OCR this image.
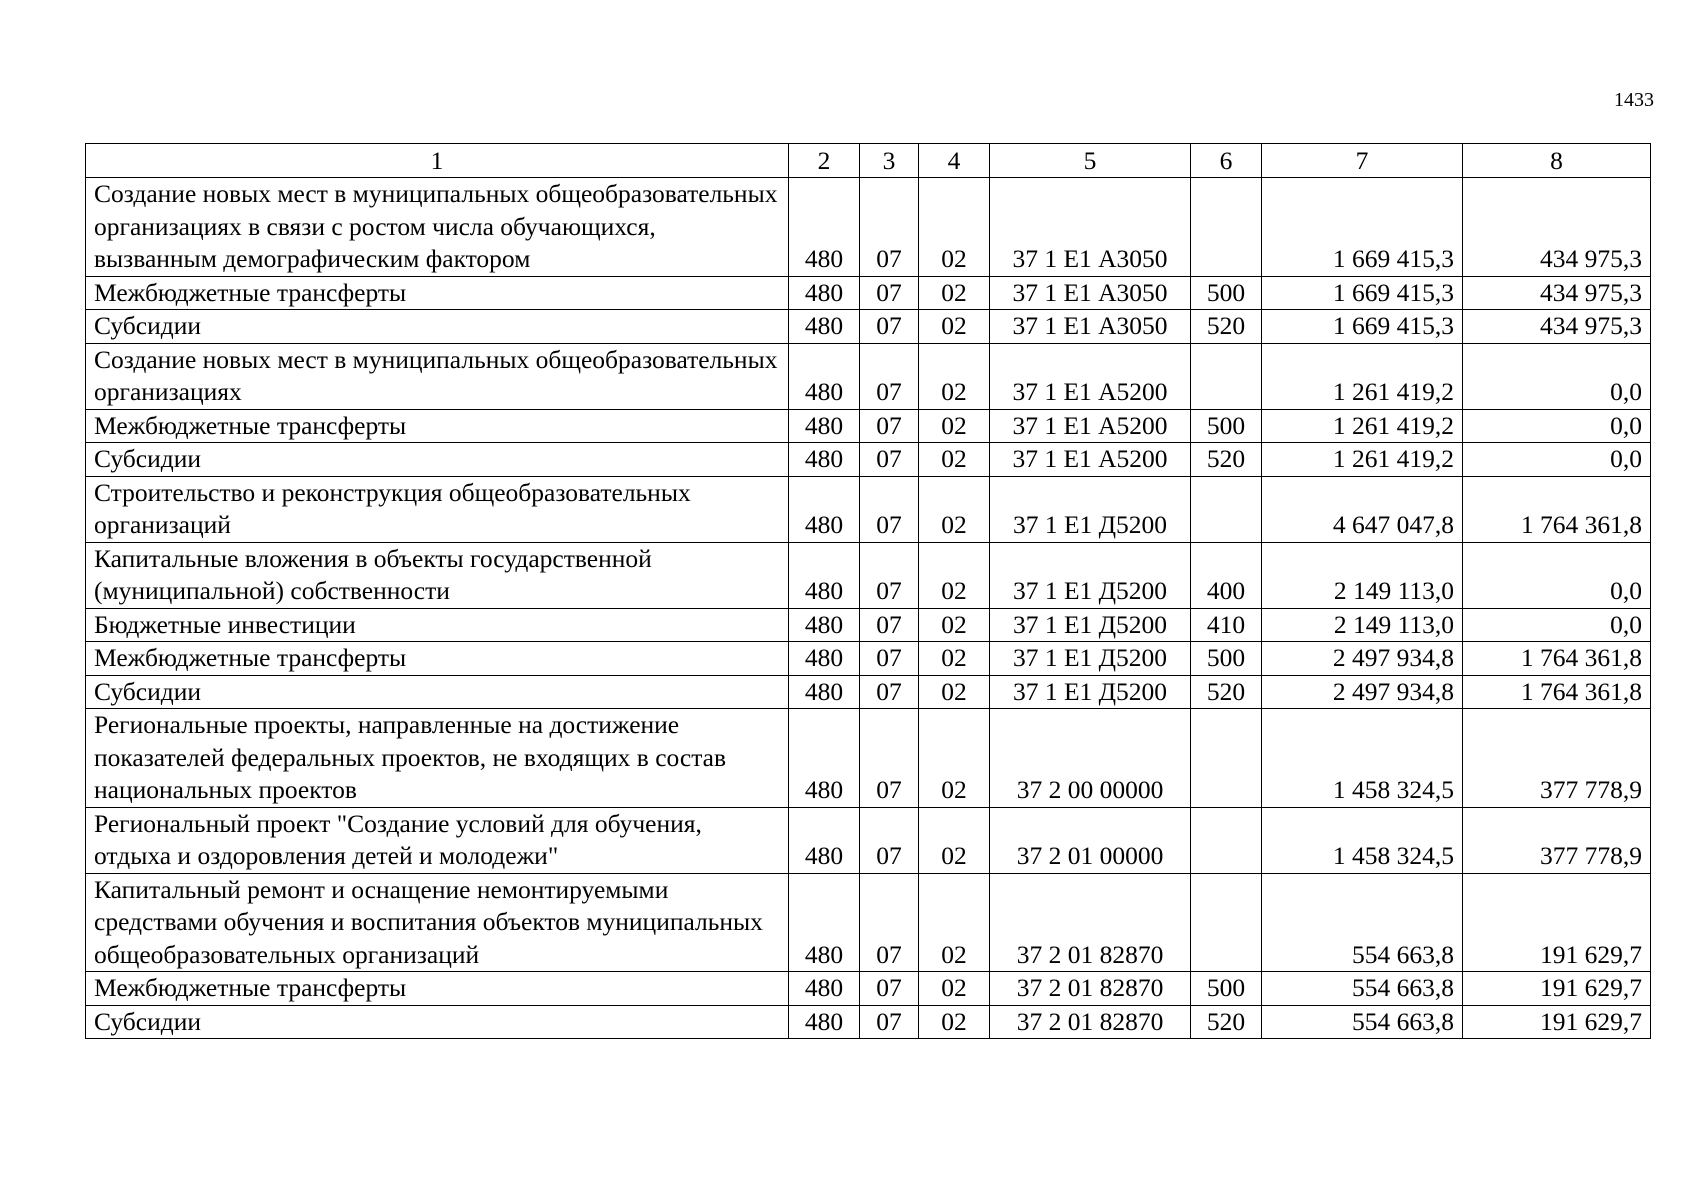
1433
1	2	3	4	5	6	7	8
Создание новых мест в муниципальных общеобразовательных организациях в связи с ростом числа обучающихся, вызванным демографическим фактором	480	07	02	37 1 Е1 А3050		1 669 415,3	434 975,3
Межбюджетные трансферты	480	07	02	37 1 Е1 А3050	500	1 669 415,3	434 975,3
Субсидии	480	07	02	37 1 Е1 А3050	520	1 669 415,3	434 975,3
Создание новых мест в муниципальных общеобразовательных организациях	480	07	02	37 1 Е1 А5200		1 261 419,2	0,0
Межбюджетные трансферты	480	07	02	37 1 Е1 А5200	500	1 261 419,2	0,0
Субсидии	480	07	02	37 1 Е1 А5200	520	1 261 419,2	0,0
Строительство и реконструкция общеобразовательных организаций	480	07	02	37 1 Е1 Д5200		4 647 047,8	1 764 361,8
Капитальные вложения в объекты государственной (муниципальной) собственности	480	07	02	37 1 Е1 Д5200	400	2 149 113,0	0,0
Бюджетные инвестиции	480	07	02	37 1 Е1 Д5200	410	2 149 113,0	0,0
Межбюджетные трансферты	480	07	02	37 1 Е1 Д5200	500	2 497 934,8	1 764 361,8
Субсидии	480	07	02	37 1 Е1 Д5200	520	2 497 934,8	1 764 361,8
Региональные проекты, направленные на достижение показателей федеральных проектов, не входящих в состав национальных проектов	480	07	02	37 2 00 00000		1 458 324,5	377 778,9
Региональный проект "Создание условий для обучения, отдыха и оздоровления детей и молодежи"	480	07	02	37 2 01 00000		1 458 324,5	377 778,9
Капитальный ремонт и оснащение немонтируемыми средствами обучения и воспитания объектов муниципальных общеобразовательных организаций	480	07	02	37 2 01 82870		554 663,8	191 629,7
Межбюджетные трансферты	480	07	02	37 2 01 82870	500	554 663,8	191 629,7
Субсидии	480	07	02	37 2 01 82870	520	554 663,8	191 629,7
